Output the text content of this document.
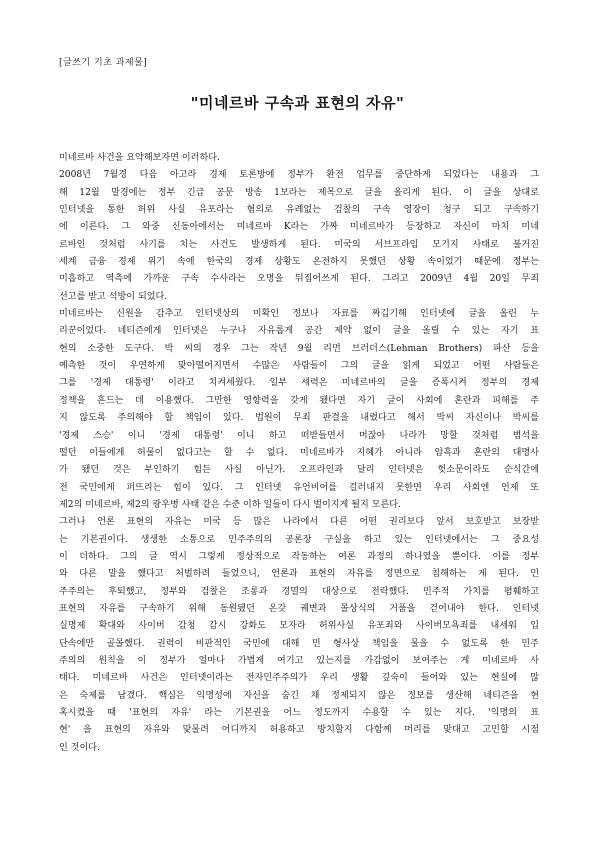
[글쓰기 기초 과제물]
"미네르바 구속과 표현의 자유"
미네르바 사건을 요약해보자면 이러하다.
2008년 7월경 다음 아고라 경제 토론방에 정부가 환전 업무를 중단하게 되었다는 내용과 그
해 12월 말경에는 정부 긴급 공문 방송 1보라는 제목으로 글을 올리게 된다. 이 글을 상대로
인터넷을 통한 허위 사실 유포라는 혐의로 유례없는 검찰의 구속 영장이 청구 되고 구속하기
에 이른다. 그 와중 신동아에서는 미네르바 K라는 가짜 미네르바가 등장하고 자신이 마치 미네
르바인 것처럼 사기를 치는 사건도 발생하게 된다. 미국의 서브프라임 모기지 사태로 불거진
세계 금융 경제 위기 속에 한국의 경제 상황도 온전하지 못했던 상황 속이었기 때문에 정부는
미흡하고 역측에 가까운 구속 수사라는 오명을 뒤집어쓰게 된다. 그리고 2009년 4월 20일 무죄
선고를 받고 석방이 되었다.
미네르바는 신원을 감추고 인터넷상의 미확인 정보나 자료를 짜깁기해 인터넷에 글을 올린 누
리꾼이었다. 네티즌에게 인터넷은 누구나 자유롭게 공간 제약 없이 글을 올릴 수 있는 자기 표
현의 소중한 도구다. 박 씨의 경우 그는 작년 9월 리먼 브러더스(Lehman Brothers) 파산 등을
예측한 것이 우연하게 맞아떨어지면서 수많은 사람들이 그의 글을 읽게 되었고 어떤 사람들은
그를 '경제 대통령' 이라고 치켜세웠다. 일부 세력은 미네르바의 글을 증폭시켜 정부의 경제
정책을 흔드는 데 이용했다. 그만한 영향력을 갖게 됐다면 자기 글이 사회에 혼란과 피해를 주
지 않도록 주의해야 할 책임이 있다. 법원이 무죄 판결을 내렸다고 해서 박씨 자신이나 박씨를
'경제 스승' 이니 '경제 대통령' 이니 하고 떠받들면서 머잖아 나라가 망할 것처럼 범석을
떨던 이들에게 허물이 없다고는 할 수 없다. 미네르바가 지혜가 아니라 암흑과 혼란의 대명사
가 됐던 것은 부인하기 힘든 사실 아닌가. 오프라인과 달리 인터넷은 헛소문이라도 순식간에
전 국민에게 퍼뜨리는 힘이 있다. 그 인터넷 유언비어를 걸러내지 못한면 우리 사회엔 언제 또
제2의 미네르바, 제2의 광우병 사태 같은 수준 이하 일들이 다시 벌이지게 될지 모른다.
그러나 언론 표현의 자유는 미국 등 많은 나라에서 다른 어떤 권리보다 앞서 보호받고 보장받
는 기본권이다. 생생한 소통으로 민주주의의 공론장 구실을 하고 있는 인터넷에서는 그 중요성
이 더하다. 그의 글 역시 그렇게 정상적으로 작동하는 여론 과정의 하나였을 뿐이다. 이를 정부
와 다른 말을 했다고 처벌하려 들었으니, 언론과 표현의 자유를 정면으로 침해하는 게 된다. 민
주주의는 후퇴했고, 정부와 검찰은 조롱과 경멸의 대상으로 전락했다. 민주적 가치를 폄훼하고
표현의 자유를 구속하기 위해 동원됐던 온갖 궤변과 몰상식의 거품을 걷어내야 한다. 인터넷
실명제 확대와 사이버 감청 감시 강화도 모자라 허위사실 유포죄와 사이버모욕죄를 내세워 입
단속에만 골몰했다. 권력이 비판적인 국민에 대해 민 형사상 책임을 물을 수 없도록 한 민주
주의의 원칙을 이 정부가 얼마나 가볍게 여기고 있는지를 가감없이 보여주는 게 미네르바 사
태다. 미네르바 사건은 인터넷이라는 전자민주주의가 우리 생활 깊숙이 들어와 있는 현실에 많
은 숙제를 남겼다. 핵심은 익명성에 자신을 숨긴 채 정제되지 않은 정보를 생산해 네티즌을 현
혹시켰을 때 '표현의 자유' 라는 기본권을 어느 정도까지 수용할 수 있는 지다. '익명의 표
현' 을 표현의 자유와 맞물려 어디까지 허용하고 방치할지 다함께 머리를 맞대고 고민할 시점
인 것이다.
